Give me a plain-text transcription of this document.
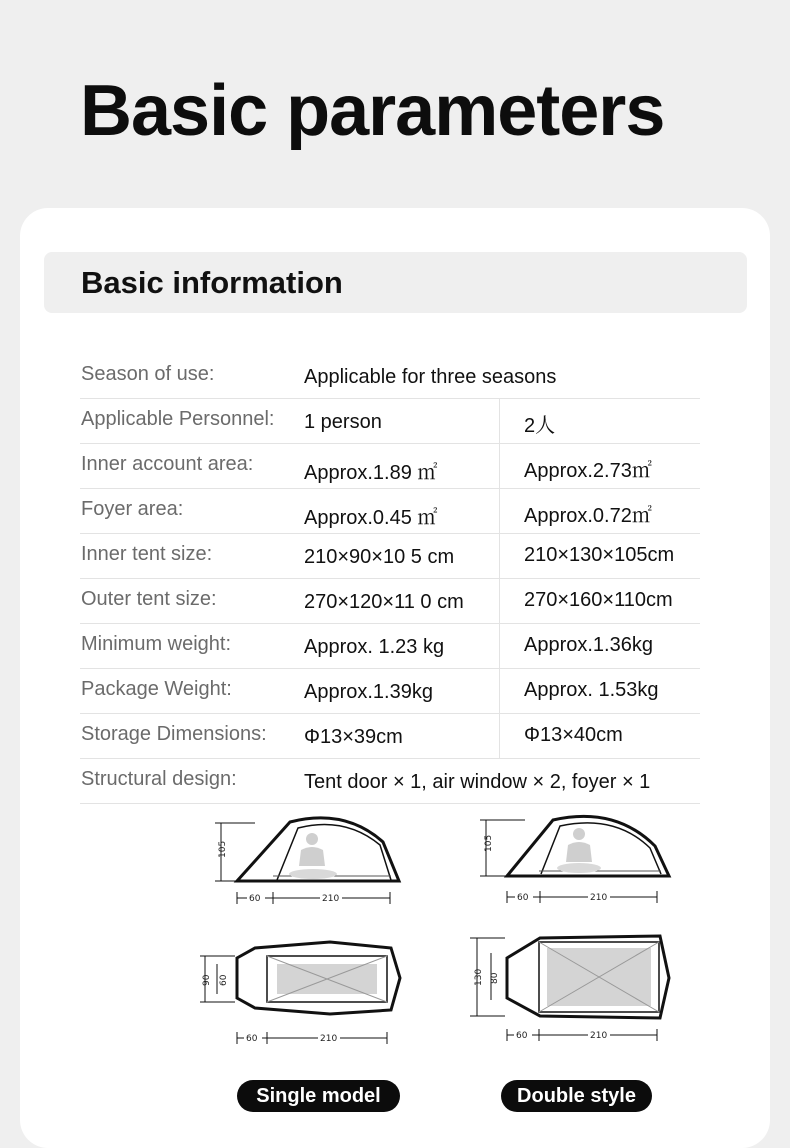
Basic parameters
Basic information
Season of use:	Applicable for three seasons
Applicable Personnel: 1 person	2人
Inner account area:	Approx.1.89 ㎡	Approx.2.73㎡
Foyer area:	Approx.0.45 ㎡	Approx.0.72㎡
Inner tent size:	210×90×10 5 cm	210×130×105cm
Outer tent size:	270×120×11 0 cm	270×160×110cm
Minimum weight:	Approx. 1.23 kg	Approx.1.36kg
Package Weight:	Approx.1.39kg	Approx. 1.53kg
Storage Dimensions: Φ13×39cm	Φ13×40cm
Structural design:	Tent door × 1, air window × 2, foyer × 1
105
60	210
105
60	210
90 60
60	210
130 80
60	210
Single model	Double style
